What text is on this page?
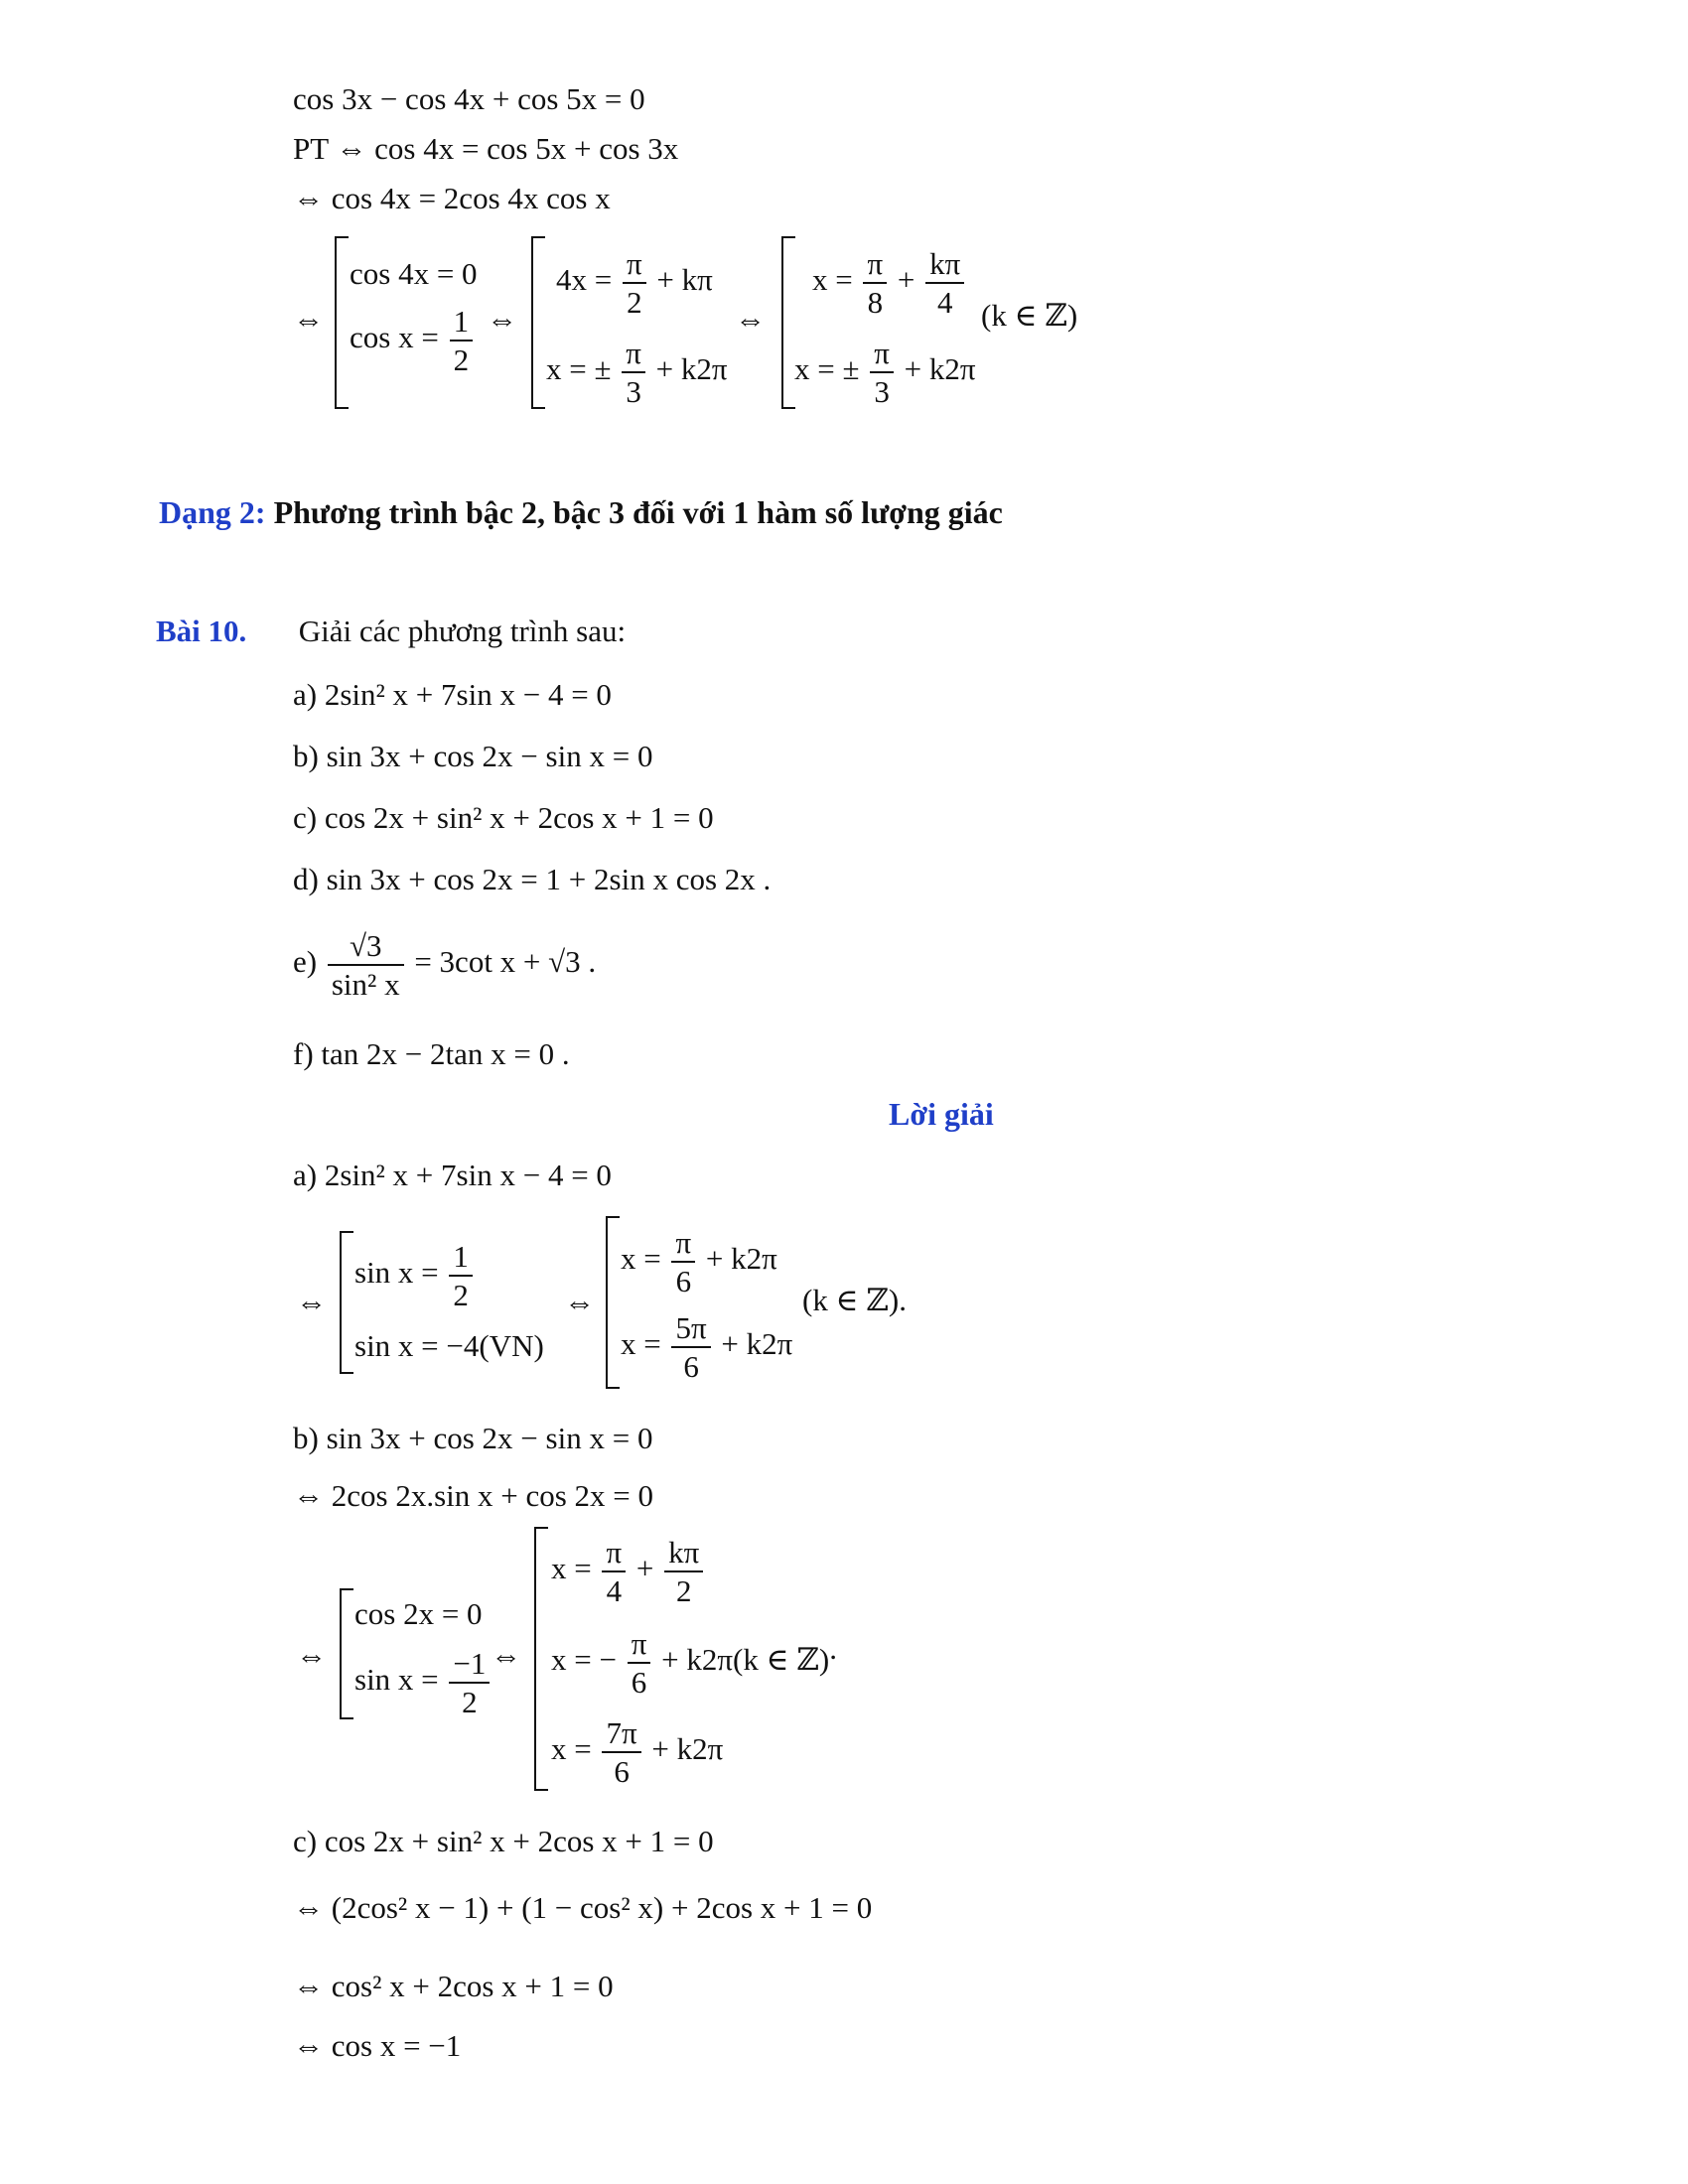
cos 3x − cos 4x + cos 5x = 0
PT ⇔ cos 4x = cos 5x + cos 3x
⇔ cos 4x = 2cos 4x cos x
⇔
cos 4x = 0
$\cos x = \frac{1}{2}$ ⇔
$4x = \frac{\pi}{2} + k\pi$
x = ± $\frac{\pi}{3} + k2\pi$
⇔
$x = \frac{\pi}{8} + \frac{k\pi}{4}$
x = ± $\frac{\pi}{3} + k2\pi$
(k ∈ ℤ)
Dạng 2: Phương trình bậc 2, bậc 3 đối với 1 hàm số lượng giác
Bài 10. Giải các phương trình sau:
a) 2sin² x + 7sin x − 4 = 0
b) sin 3x + cos 2x − sin x = 0
c) cos 2x + sin² x + 2cos x + 1 = 0
d) sin 3x + cos 2x = 1 + 2sin x cos 2x .
$e) \frac{√3}{\text{sin² x}} = 3\cot$ x + √3 .
f) tan 2x − 2tan x = 0 .
Lời giải
a) 2sin² x + 7sin x − 4 = 0
⇔
$\sin x = \frac{1}{2}$
sin x = −4(VN)
⇔
$x = \frac{\pi}{6} + k2\pi$
$x = \frac{5\pi}{6} + k2\pi$
(k ∈ ℤ).
b) sin 3x + cos 2x − sin x = 0
⇔ 2cos 2x.sin x + cos 2x = 0
⇔
cos 2x = 0
$\sin x = \frac{-1}{2}$ ⇔
$x = \frac{\pi}{4} + \frac{k\pi}{2}$
x = − $\frac{\pi}{6} + k2\pi(k$ ∈ ℤ).
$x = \frac{7\pi}{6} + k2\pi$
c) cos 2x + sin² x + 2cos x + 1 = 0
⇔ (2cos² x − 1) + (1 − cos² x) + 2cos x + 1 = 0
⇔ cos² x + 2cos x + 1 = 0
⇔ cos x = −1
